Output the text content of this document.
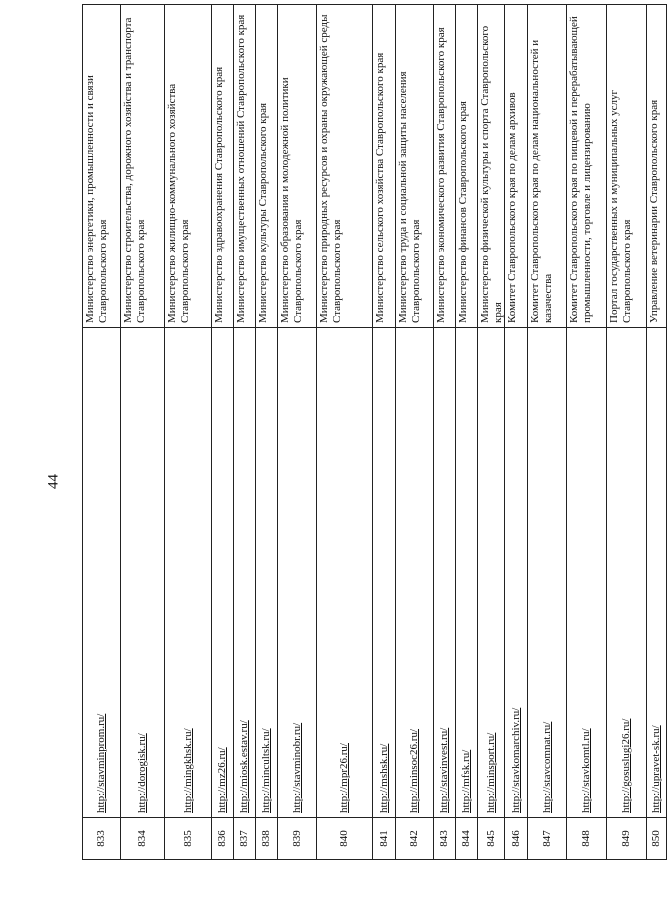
44
833	http://stavminprom.ru/	Министерство энергетики, промышленности и связи Ставропольского края
834	http://dorogisk.ru/	Министерство строительства, дорожного хозяйства и транспорта Ставропольского края
835	http://mingkhsk.ru/	Министерство жилищно-коммунального хозяйства Ставропольского края
836	http://mz26.ru/	Министерство здравоохранения Ставропольского края
837	http://miosk.estav.ru/	Министерство имущественных отношений Ставропольского края
838	http://mincultsk.ru/	Министерство культуры Ставропольского края
839	http://stavminobr.ru/	Министерство образования и молодежной политики Ставропольского края
840	http://mpr26.ru/	Министерство природных ресурсов и охраны окружающей среды Ставропольского края
841	http://mshsk.ru/	Министерство сельского хозяйства Ставропольского края
842	http://minsoc26.ru/	Министерство труда и социальной защиты населения Ставропольского края
843	http://stavinvest.ru/	Министерство экономического развития Ставропольского края
844	http://mfsk.ru/	Министерство финансов Ставропольского края
845	http://minsport.ru/	Министерство физической культуры и спорта Ставропольского края
846	http://stavkomarchiv.ru/	Комитет Ставропольского края по делам архивов
847	http://stavcomnat.ru/	Комитет Ставропольского края по делам национальностей и казачества
848	http://stavkomtl.ru/	Комитет Ставропольского края по пищевой и перерабатывающей промышленности, торговле и лицензированию
849	http://gosuslugi26.ru/	Портал государственных и муниципальных услуг Ставропольского края
850	http://upravet-sk.ru/	Управление ветеринарии Ставропольского края
